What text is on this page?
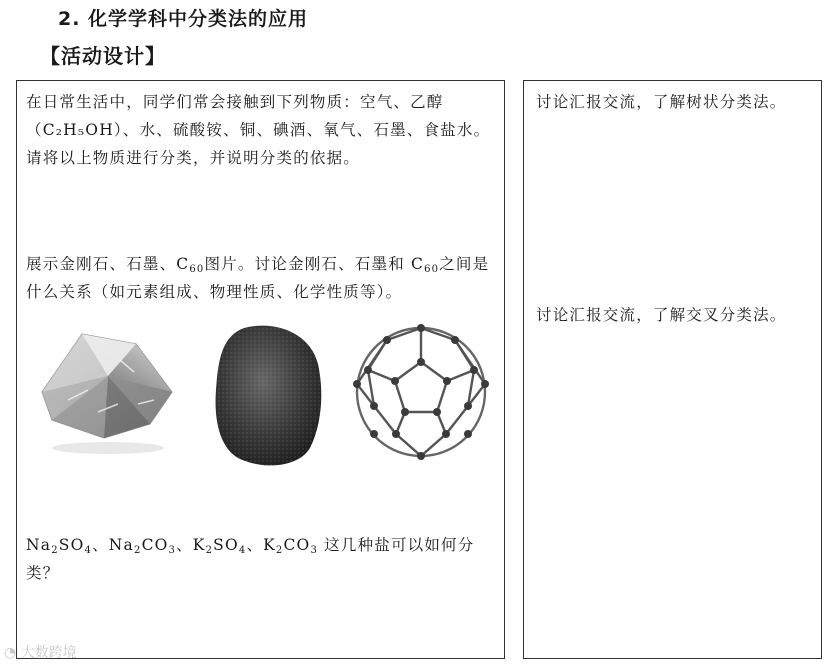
2. 化学学科中分类法的应用
【活动设计】
在日常生活中，同学们常会接触到下列物质：空气、乙醇（C₂H₅OH）、水、硫酸铵、铜、碘酒、氧气、石墨、食盐水。请将以上物质进行分类，并说明分类的依据。
展示金刚石、石墨、$C_{60}$图片。讨论金刚石、石墨和 $C_{60}$之间是什么关系（如元素组成、物理性质、化学性质等）。
$Na_2SO_4$、$Na_2CO_3$、$K_2SO_4$、$K_2CO_3$ 这几种盐可以如何分类？
讨论汇报交流，了解树状分类法。
讨论汇报交流，了解交叉分类法。
◔ 大数跨境
